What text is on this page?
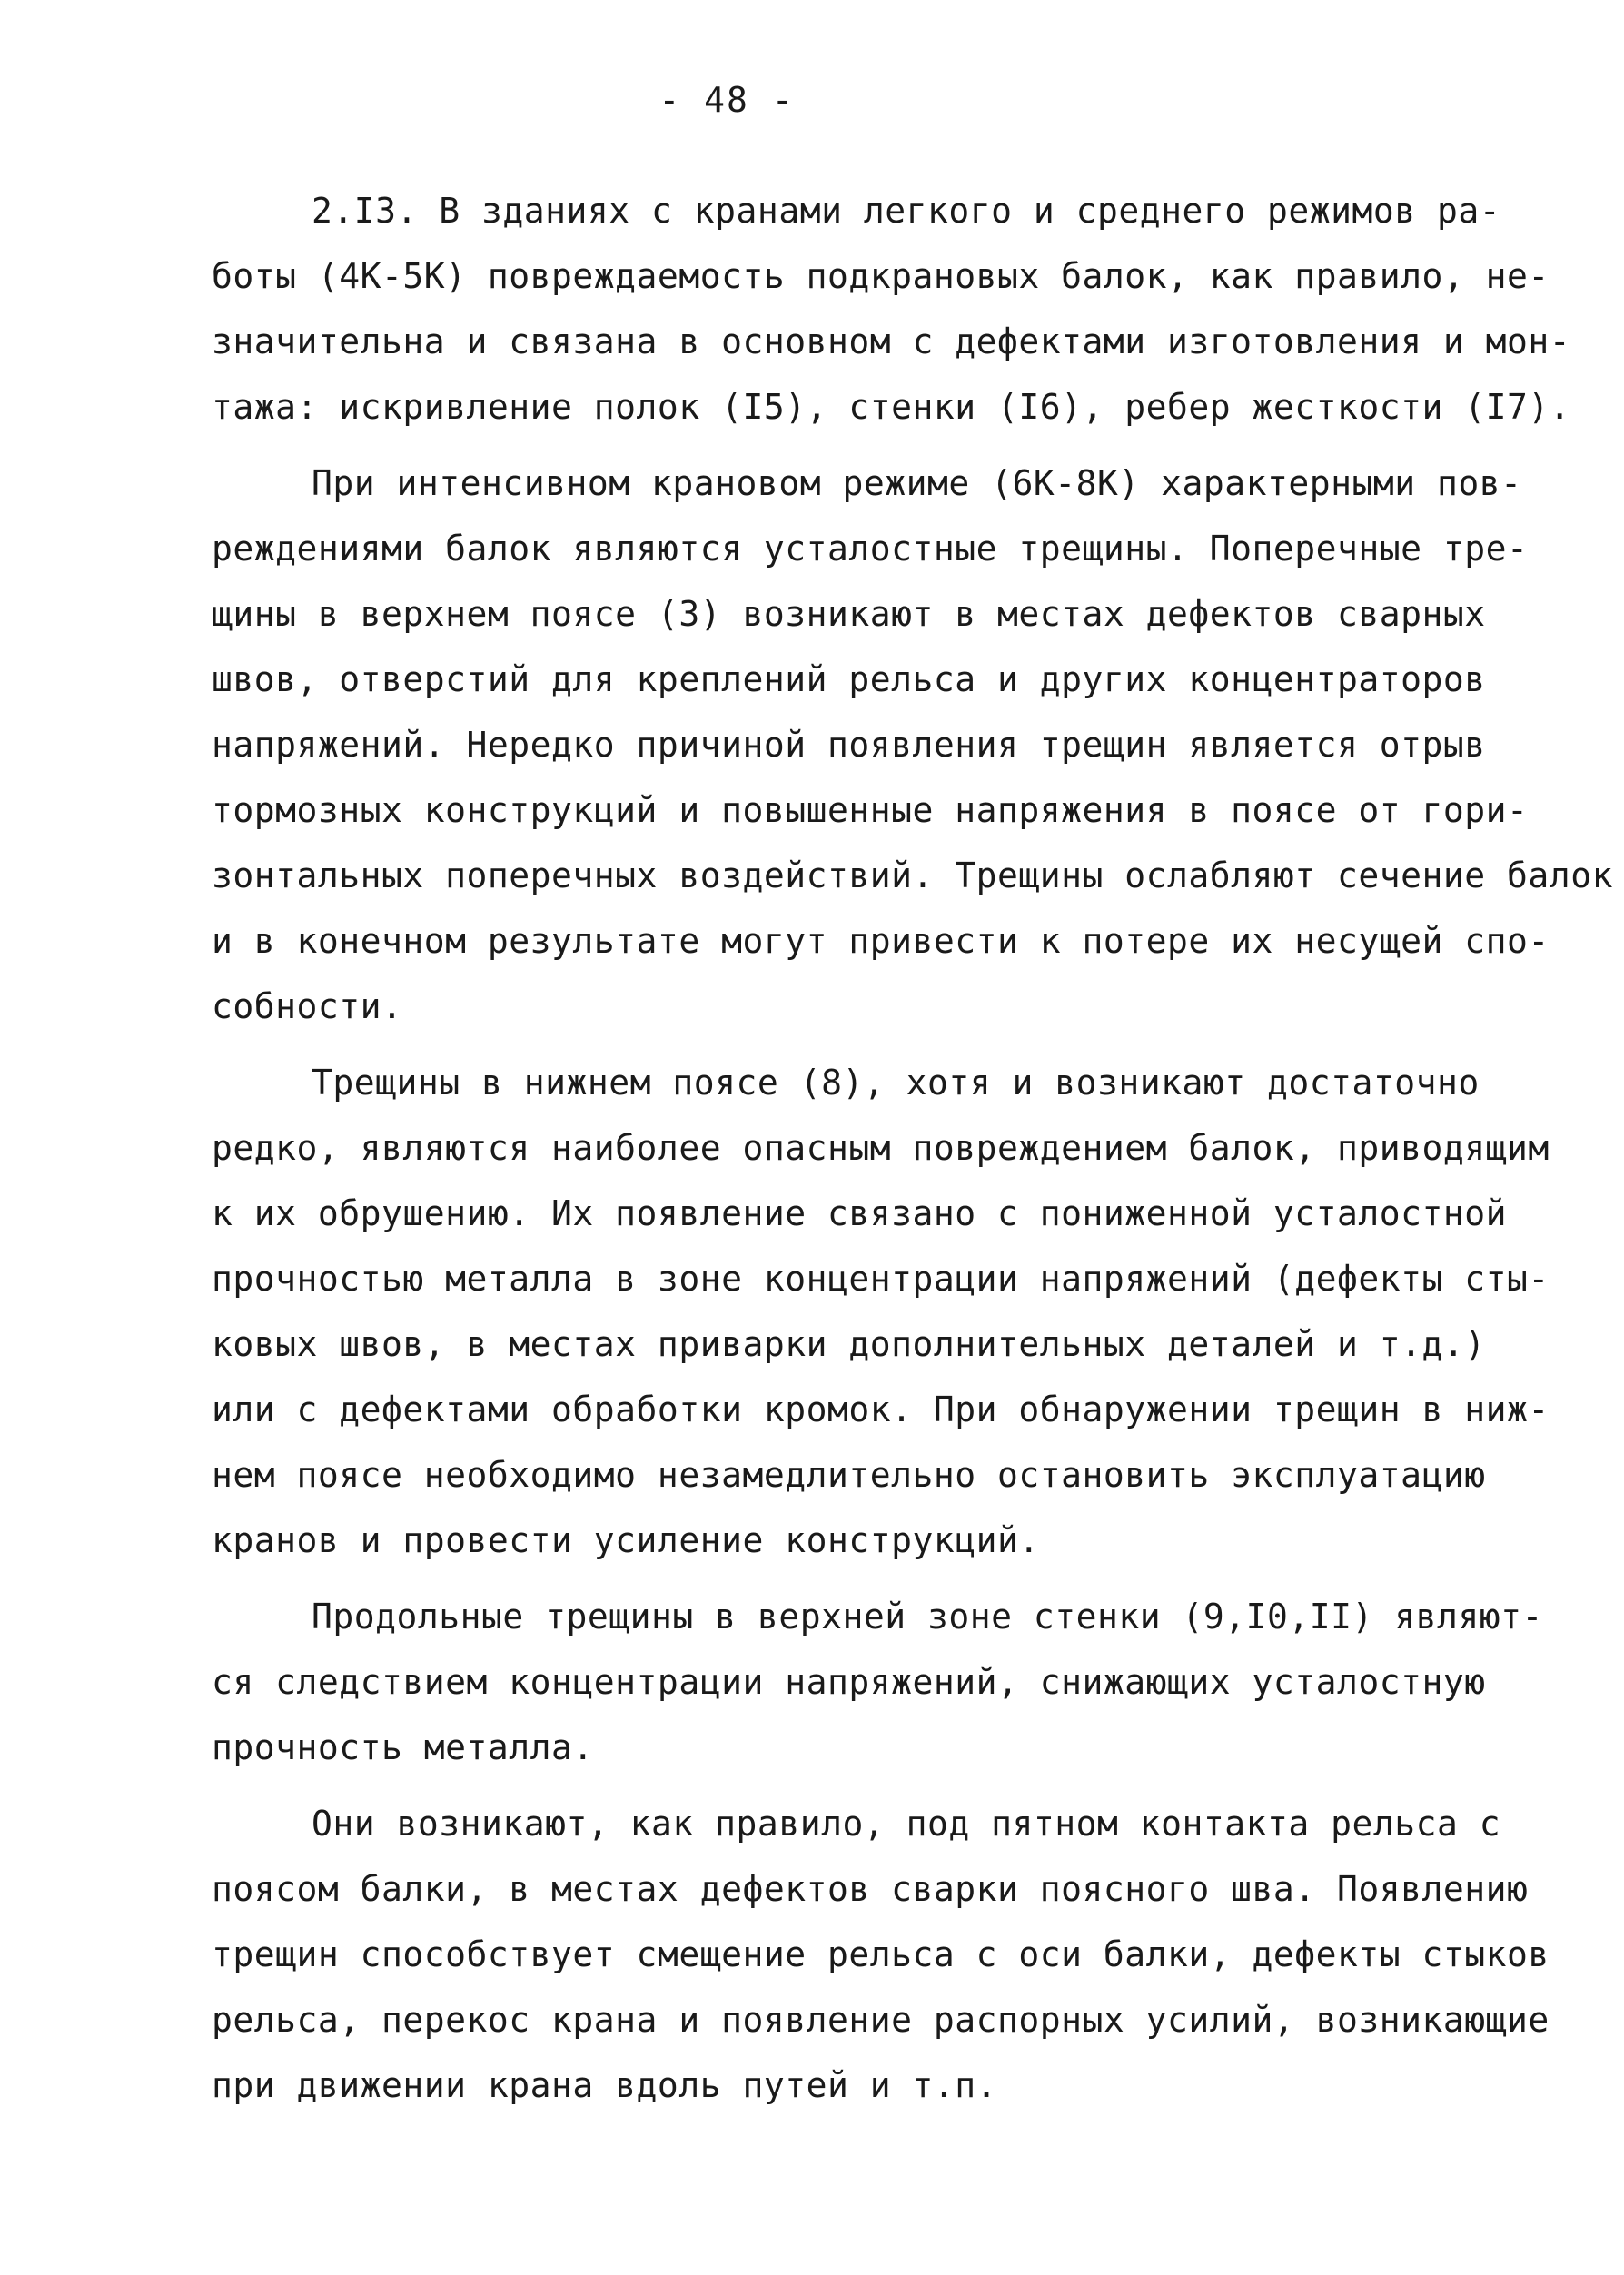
- 48 -
2.I3. В зданиях с кранами легкого и среднего режимов ра-
боты (4К-5К) повреждаемость подкрановых балок, как правило, не-
значительна и связана в основном с дефектами изготовления и мон-
тажа: искривление полок (I5), стенки (I6), ребер жесткости (I7).
При интенсивном крановом режиме (6К-8К) характерными пов-
реждениями балок являются усталостные трещины. Поперечные тре-
щины в верхнем поясе (3) возникают в местах дефектов сварных
швов, отверстий для креплений рельса и других концентраторов
напряжений. Нередко причиной появления трещин является отрыв
тормозных конструкций и повышенные напряжения в поясе от гори-
зонтальных поперечных воздействий. Трещины ослабляют сечение балок
и в конечном результате могут привести к потере их несущей спо-
собности.
Трещины в нижнем поясе (8), хотя и возникают достаточно
редко, являются наиболее опасным повреждением балок, приводящим
к их обрушению. Их появление связано с пониженной усталостной
прочностью металла в зоне концентрации напряжений (дефекты сты-
ковых швов, в местах приварки дополнительных деталей и т.д.)
или с дефектами обработки кромок. При обнаружении трещин в ниж-
нем поясе необходимо незамедлительно остановить эксплуатацию
кранов и провести усиление конструкций.
Продольные трещины в верхней зоне стенки (9,I0,II) являют-
ся следствием концентрации напряжений, снижающих усталостную
прочность металла.
Они возникают, как правило, под пятном контакта рельса с
поясом балки, в местах дефектов сварки поясного шва. Появлению
трещин способствует смещение рельса с оси балки, дефекты стыков
рельса, перекос крана и появление распорных усилий, возникающие
при движении крана вдоль путей и т.п.
